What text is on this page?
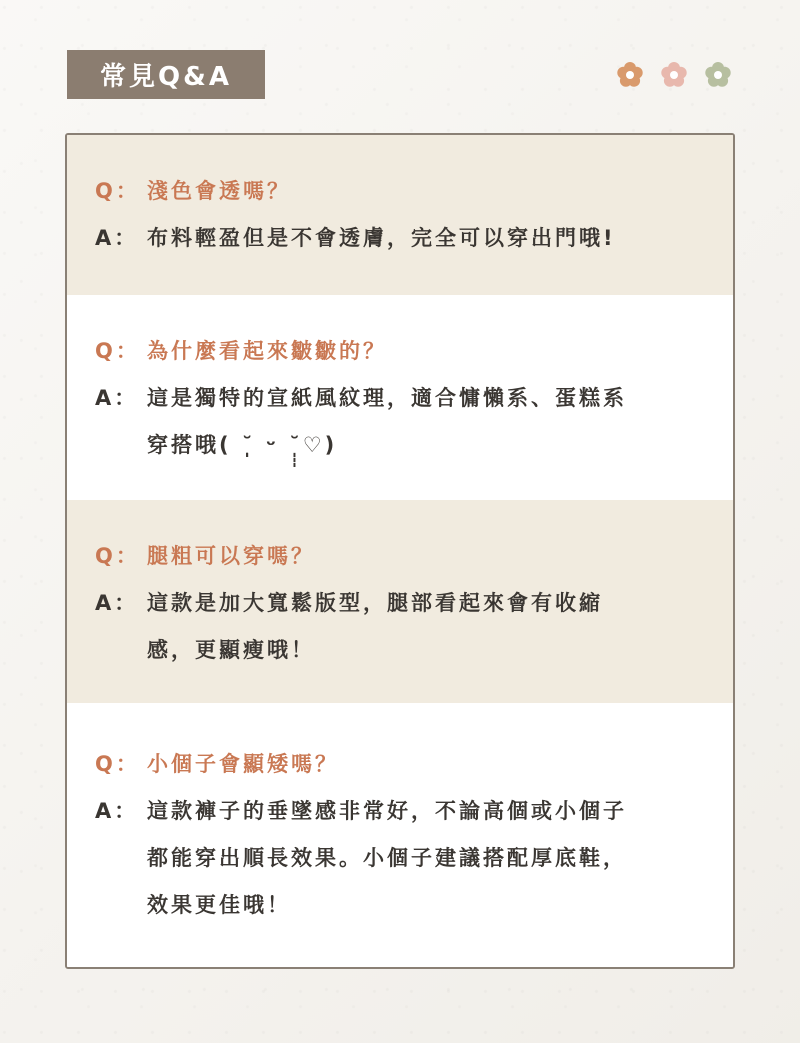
常見Q&A
Q： 淺色會透嗎？
A： 布料輕盈但是不會透膚，完全可以穿出門哦!
Q： 為什麼看起來皺皺的？
A： 這是獨特的宣紙風紋理，適合慵懶系、蛋糕系
穿搭哦( ˘̩̩̩ ᵕ ˘̩̩̩♡)
Q： 腿粗可以穿嗎？
A： 這款是加大寬鬆版型，腿部看起來會有收縮
感，更顯瘦哦！
Q： 小個子會顯矮嗎？
A： 這款褲子的垂墜感非常好，不論高個或小個子
都能穿出順長效果。小個子建議搭配厚底鞋，
效果更佳哦！
